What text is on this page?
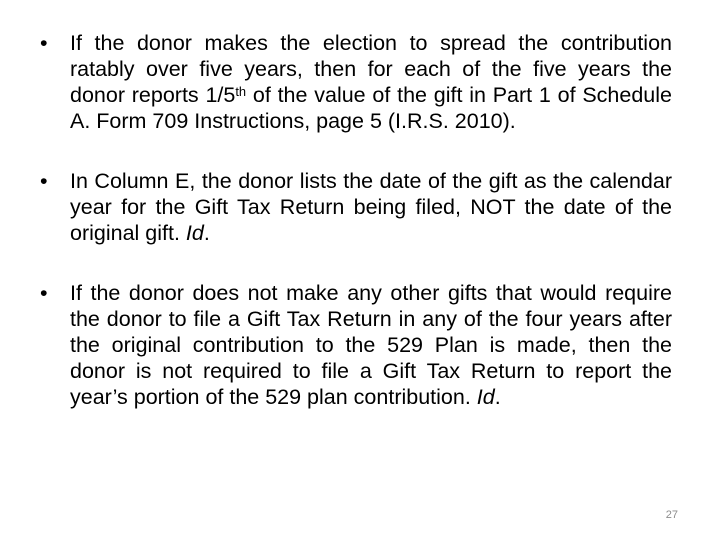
•	If the donor makes the election to spread the contribution ratably over five years, then for each of the five years the donor reports 1/5th of the value of the gift in Part 1 of Schedule A. Form 709 Instructions, page 5 (I.R.S. 2010).
•	In Column E, the donor lists the date of the gift as the calendar year for the Gift Tax Return being filed, NOT the date of the original gift. Id.
•	If the donor does not make any other gifts that would require the donor to file a Gift Tax Return in any of the four years after the original contribution to the 529 Plan is made, then the donor is not required to file a Gift Tax Return to report the year’s portion of the 529 plan contribution. Id.
27
